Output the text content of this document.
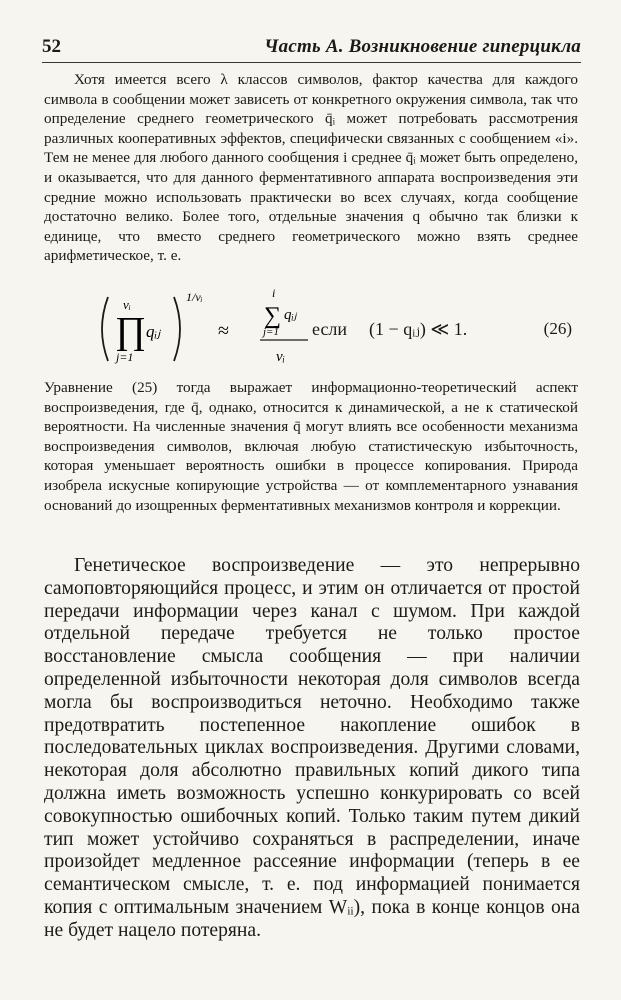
52	Часть А. Возникновение гиперцикла

Хотя имеется всего λ классов символов, фактор качества для каждого символа в сообщении может зависеть от конкретного окружения символа, так что определение среднего геометрического q̄ᵢ может потребовать рассмотрения различных кооперативных эффектов, специфически связанных с сообщением «i». Тем не менее для любого данного сообщения i среднее q̄ᵢ может быть определено, и оказывается, что для данного ферментативного аппарата воспроизведения эти средние можно использовать практически во всех случаях, когда сообщение достаточно велико. Более того, отдельные значения q обычно так близки к единице, что вместо среднего геометрического можно взять среднее арифметическое, т. е.

νᵢ
∏
j=1
qᵢⱼ
1/νᵢ
≈
i
∑ qᵢⱼ
j=1
νᵢ
если (1 − qᵢⱼ) ≪ 1.	(26)

Уравнение (25) тогда выражает информационно-теоретический аспект воспроизведения, где q̄, однако, относится к динамической, а не к статической вероятности. На численные значения q̄ могут влиять все особенности механизма воспроизведения символов, включая любую статистическую избыточность, которая уменьшает вероятность ошибки в процессе копирования. Природа изобрела искусные копирующие устройства — от комплементарного узнавания оснований до изощренных ферментативных механизмов контроля и коррекции.

Генетическое воспроизведение — это непрерывно самоповторяющийся процесс, и этим он отличается от простой передачи информации через канал с шумом. При каждой отдельной передаче требуется не только простое восстановление смысла сообщения — при наличии определенной избыточности некоторая доля символов всегда могла бы воспроизводиться неточно. Необходимо также предотвратить постепенное накопление ошибок в последовательных циклах воспроизведения. Другими словами, некоторая доля абсолютно правильных копий дикого типа должна иметь возможность успешно конкурировать со всей совокупностью ошибочных копий. Только таким путем дикий тип может устойчиво сохраняться в распределении, иначе произойдет медленное рассеяние информации (теперь в ее семантическом смысле, т. е. под информацией понимается копия с оптимальным значением Wᵢᵢ), пока в конце концов она не будет нацело потеряна.
